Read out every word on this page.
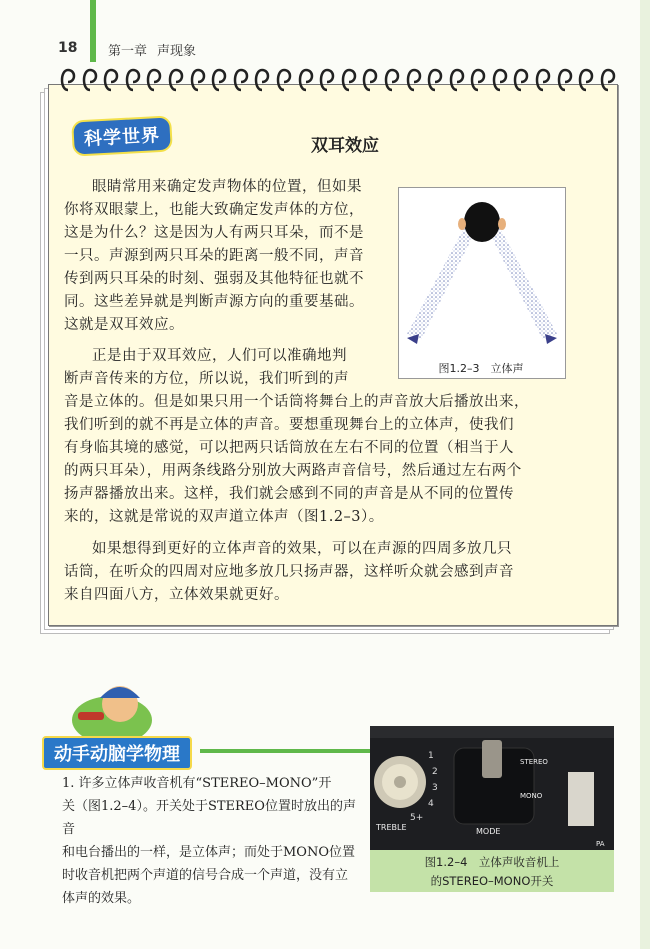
18 第一章 声现象
科学世界	双耳效应
眼睛常用来确定发声物体的位置，但如果
你将双眼蒙上，也能大致确定发声体的方位，
这是为什么？这是因为人有两只耳朵，而不是
一只。声源到两只耳朵的距离一般不同，声音
传到两只耳朵的时刻、强弱及其他特征也就不
同。这些差异就是判断声源方向的重要基础。
这就是双耳效应。
正是由于双耳效应，人们可以准确地判
断声音传来的方位，所以说，我们听到的声
音是立体的。但是如果只用一个话筒将舞台上的声音放大后播放出来，
我们听到的就不再是立体的声音。要想重现舞台上的立体声，使我们
有身临其境的感觉，可以把两只话筒放在左右不同的位置（相当于人
的两只耳朵），用两条线路分别放大两路声音信号，然后通过左右两个
扬声器播放出来。这样，我们就会感到不同的声音是从不同的位置传
来的，这就是常说的双声道立体声（图1.2–3）。
如果想得到更好的立体声音的效果，可以在声源的四周多放几只
话筒，在听众的四周对应地多放几只扬声器，这样听众就会感到声音
来自四面八方，立体效果就更好。
图1.2–3　立体声
动手动脑学物理
1. 许多立体声收音机有“STEREO–MONO”开
关（图1.2–4）。开关处于STEREO位置时放出的声音
和电台播出的一样，是立体声；而处于MONO位置
时收音机把两个声道的信号合成一个声道，没有立
体声的效果。
1
2
3
4
5+
TREBLE	MODE
STEREO
MONO
PA
图1.2–4　立体声收音机上
的STEREO–MONO开关
